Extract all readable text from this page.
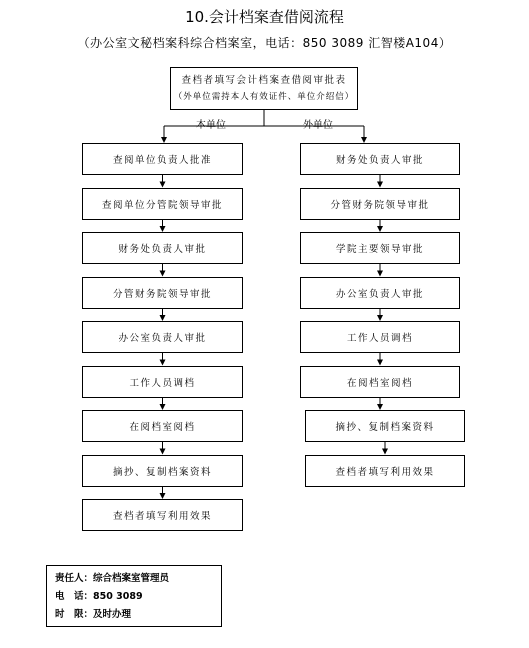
10.会计档案查借阅流程
（办公室文秘档案科综合档案室，电话：850 3089 汇智楼A104）
查档者填写会计档案查借阅审批表
（外单位需持本人有效证件、单位介绍信）
本单位	外单位
查阅单位负责人批准
查阅单位分管院领导审批
财务处负责人审批
分管财务院领导审批
办公室负责人审批
工作人员调档
在阅档室阅档
摘抄、复制档案资料
查档者填写利用效果
财务处负责人审批
分管财务院领导审批
学院主要领导审批
办公室负责人审批
工作人员调档
在阅档室阅档
摘抄、复制档案资料
查档者填写利用效果
责任人：综合档案室管理员
电　话：850 3089
时　限：及时办理
